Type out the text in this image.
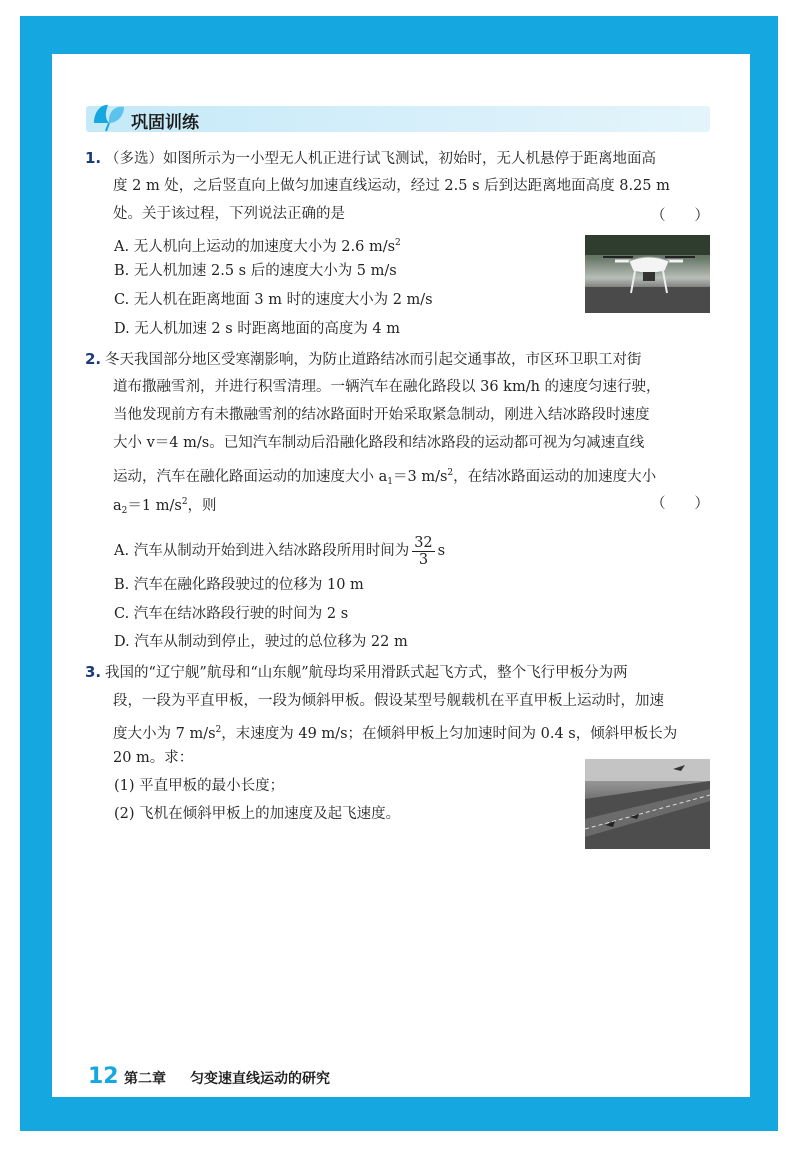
巩固训练
1. （多选）如图所示为一小型无人机正进行试飞测试，初始时，无人机悬停于距离地面高
度 2 m 处，之后竖直向上做匀加速直线运动，经过 2.5 s 后到达距离地面高度 8.25 m
处。关于该过程，下列说法正确的是	（　　）
A. 无人机向上运动的加速度大小为 2.6 $m/s^2$
B. 无人机加速 2.5 s 后的速度大小为 5 m/s
C. 无人机在距离地面 3 m 时的速度大小为 2 m/s
D. 无人机加速 2 s 时距离地面的高度为 4 m
2. 冬天我国部分地区受寒潮影响，为防止道路结冰而引起交通事故，市区环卫职工对街
道布撒融雪剂，并进行积雪清理。一辆汽车在融化路段以 36 km/h 的速度匀速行驶，
当他发现前方有未撒融雪剂的结冰路面时开始采取紧急制动，刚进入结冰路段时速度
大小 v＝4 m/s。已知汽车制动后沿融化路段和结冰路段的运动都可视为匀减速直线
运动，汽车在融化路面运动的加速度大小 $a_1=3$ $m/s^2$，在结冰路面运动的加速度大小
$a_2=1$ $m/s^2$，则	（　　）
A. 汽车从制动开始到进入结冰路段所用时间为 $\frac{32}{3}$ s
B. 汽车在融化路段驶过的位移为 10 m
C. 汽车在结冰路段行驶的时间为 2 s
D. 汽车从制动到停止，驶过的总位移为 22 m
3. 我国的“辽宁舰”航母和“山东舰”航母均采用滑跃式起飞方式，整个飞行甲板分为两
段，一段为平直甲板，一段为倾斜甲板。假设某型号舰载机在平直甲板上运动时，加速
度大小为 7 $m/s^2$，末速度为 49 m/s；在倾斜甲板上匀加速时间为 0.4 s，倾斜甲板长为
20 m。求：
(1) 平直甲板的最小长度；
(2) 飞机在倾斜甲板上的加速度及起飞速度。
12 第二章 匀变速直线运动的研究
